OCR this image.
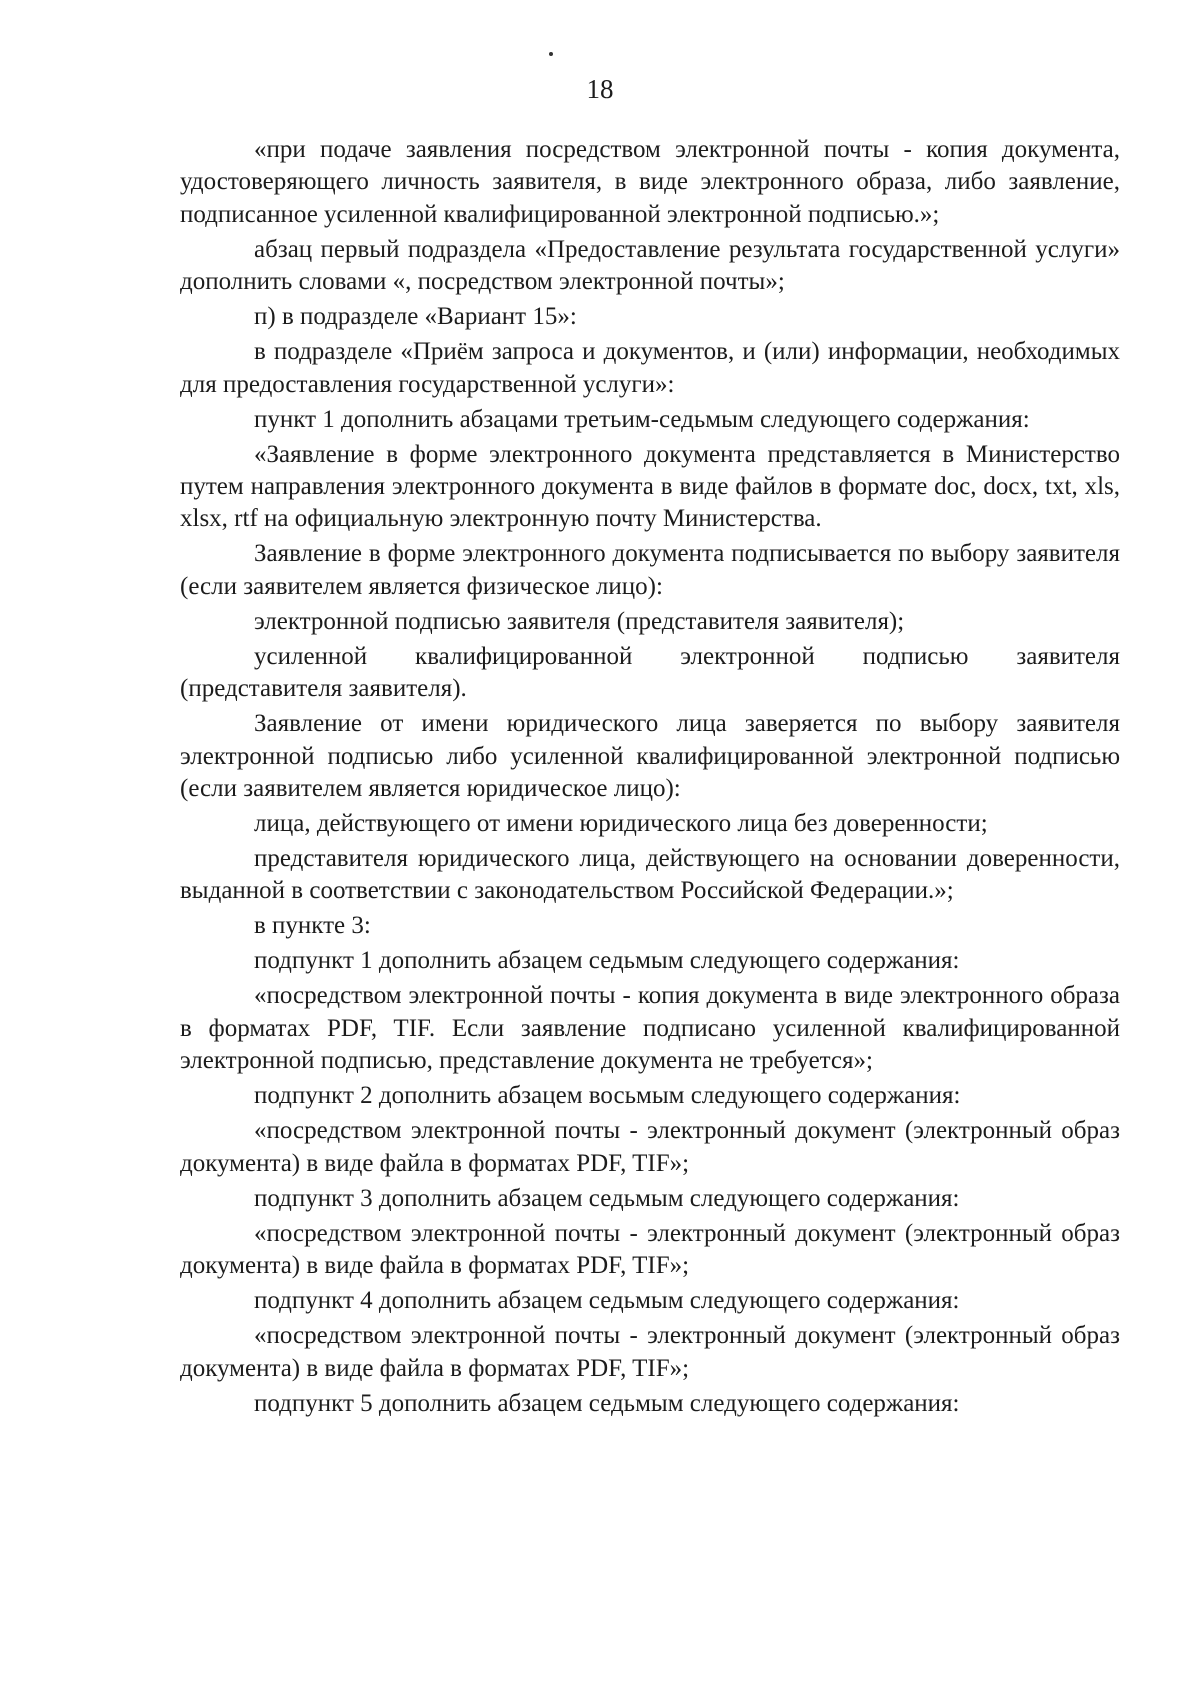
18

«при подаче заявления посредством электронной почты - копия документа, удостоверяющего личность заявителя, в виде электронного образа, либо заявление, подписанное усиленной квалифицированной электронной подписью.»;

абзац первый подраздела «Предоставление результата государственной услуги» дополнить словами «, посредством электронной почты»;

п) в подразделе «Вариант 15»:

в подразделе «Приём запроса и документов, и (или) информации, необходимых для предоставления государственной услуги»:

пункт 1 дополнить абзацами третьим-седьмым следующего содержания:

«Заявление в форме электронного документа представляется в Министерство путем направления электронного документа в виде файлов в формате doc, docx, txt, xls, xlsx, rtf на официальную электронную почту Министерства.

Заявление в форме электронного документа подписывается по выбору заявителя (если заявителем является физическое лицо):

электронной подписью заявителя (представителя заявителя);

усиленной квалифицированной электронной подписью заявителя (представителя заявителя).

Заявление от имени юридического лица заверяется по выбору заявителя электронной подписью либо усиленной квалифицированной электронной подписью (если заявителем является юридическое лицо):

лица, действующего от имени юридического лица без доверенности;

представителя юридического лица, действующего на основании доверенности, выданной в соответствии с законодательством Российской Федерации.»;

в пункте 3:

подпункт 1 дополнить абзацем седьмым следующего содержания:

«посредством электронной почты - копия документа в виде электронного образа в форматах PDF, TIF. Если заявление подписано усиленной квалифицированной электронной подписью, представление документа не требуется»;

подпункт 2 дополнить абзацем восьмым следующего содержания:

«посредством электронной почты - электронный документ (электронный образ документа) в виде файла в форматах PDF, TIF»;

подпункт 3 дополнить абзацем седьмым следующего содержания:

«посредством электронной почты - электронный документ (электронный образ документа) в виде файла в форматах PDF, TIF»;

подпункт 4 дополнить абзацем седьмым следующего содержания:

«посредством электронной почты - электронный документ (электронный образ документа) в виде файла в форматах PDF, TIF»;

подпункт 5 дополнить абзацем седьмым следующего содержания:
